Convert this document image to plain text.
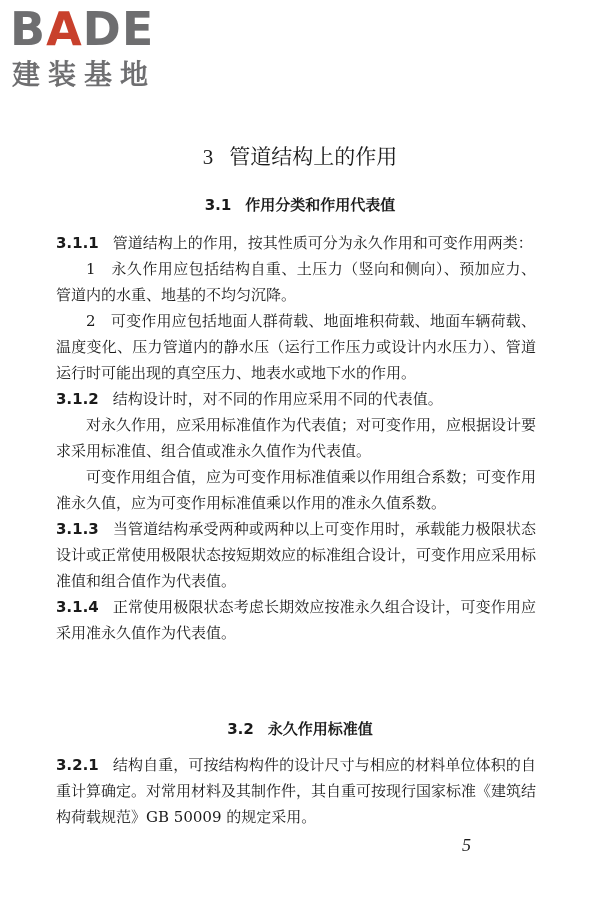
BADE
建装基地
3 管道结构上的作用
3.1 作用分类和作用代表值

3.1.1 管道结构上的作用，按其性质可分为永久作用和可变作用两类：

1　永久作用应包括结构自重、土压力（竖向和侧向）、预加应力、管道内的水重、地基的不均匀沉降。

2　可变作用应包括地面人群荷载、地面堆积荷载、地面车辆荷载、温度变化、压力管道内的静水压（运行工作压力或设计内水压力）、管道运行时可能出现的真空压力、地表水或地下水的作用。

3.1.2 结构设计时，对不同的作用应采用不同的代表值。

对永久作用，应采用标准值作为代表值；对可变作用，应根据设计要求采用标准值、组合值或准永久值作为代表值。

可变作用组合值，应为可变作用标准值乘以作用组合系数；可变作用准永久值，应为可变作用标准值乘以作用的准永久值系数。

3.1.3 当管道结构承受两种或两种以上可变作用时，承载能力极限状态设计或正常使用极限状态按短期效应的标准组合设计，可变作用应采用标准值和组合值作为代表值。

3.1.4 正常使用极限状态考虑长期效应按准永久组合设计，可变作用应采用准永久值作为代表值。

3.2 永久作用标准值

3.2.1 结构自重，可按结构构件的设计尺寸与相应的材料单位体积的自重计算确定。对常用材料及其制作件，其自重可按现行国家标准《建筑结构荷载规范》GB 50009 的规定采用。

5
